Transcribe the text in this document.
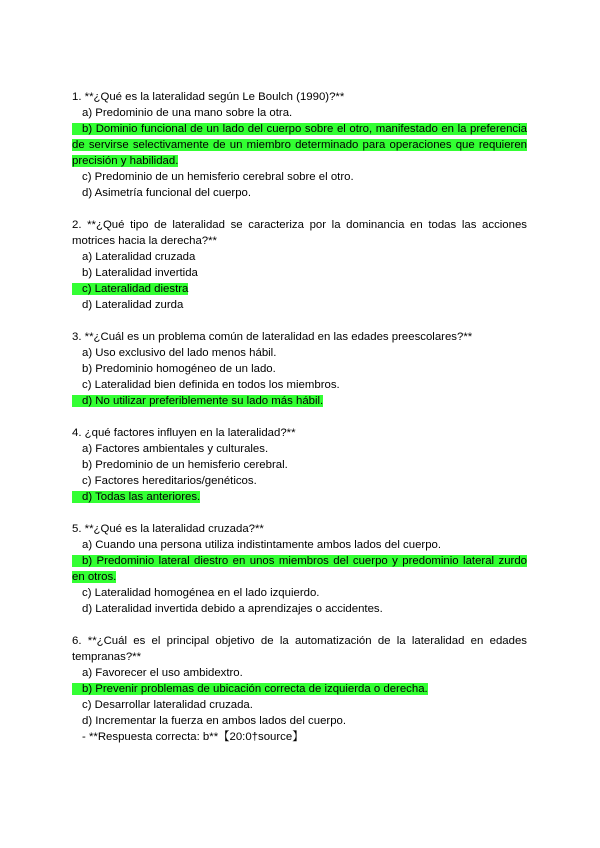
1. **¿Qué es la lateralidad según Le Boulch (1990)?**
a) Predominio de una mano sobre la otra.
b) Dominio funcional de un lado del cuerpo sobre el otro, manifestado en la preferencia de servirse selectivamente de un miembro determinado para operaciones que requieren precisión y habilidad.
c) Predominio de un hemisferio cerebral sobre el otro.
d) Asimetría funcional del cuerpo.
2. **¿Qué tipo de lateralidad se caracteriza por la dominancia en todas las acciones motrices hacia la derecha?**
a) Lateralidad cruzada
b) Lateralidad invertida
c) Lateralidad diestra
d) Lateralidad zurda
3. **¿Cuál es un problema común de lateralidad en las edades preescolares?**
a) Uso exclusivo del lado menos hábil.
b) Predominio homogéneo de un lado.
c) Lateralidad bien definida en todos los miembros.
d) No utilizar preferiblemente su lado más hábil.
4. ¿qué factores influyen en la lateralidad?**
a) Factores ambientales y culturales.
b) Predominio de un hemisferio cerebral.
c) Factores hereditarios/genéticos.
d) Todas las anteriores.
5. **¿Qué es la lateralidad cruzada?**
a) Cuando una persona utiliza indistintamente ambos lados del cuerpo.
b) Predominio lateral diestro en unos miembros del cuerpo y predominio lateral zurdo en otros.
c) Lateralidad homogénea en el lado izquierdo.
d) Lateralidad invertida debido a aprendizajes o accidentes.
6. **¿Cuál es el principal objetivo de la automatización de la lateralidad en edades tempranas?**
a) Favorecer el uso ambidextro.
b) Prevenir problemas de ubicación correcta de izquierda o derecha.
c) Desarrollar lateralidad cruzada.
d) Incrementar la fuerza en ambos lados del cuerpo.
- **Respuesta correcta: b**【20:0†source】
